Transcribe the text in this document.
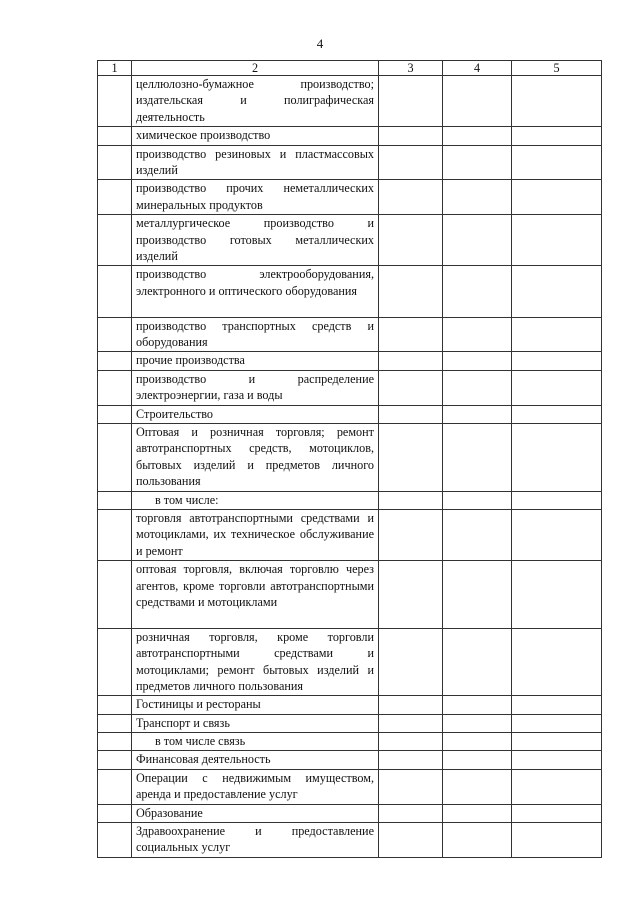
4
1	2	3	4	5
	целлюлозно-бумажное производство; издательская и полиграфическая деятельность			
	химическое производство			
	производство резиновых и пластмассовых изделий			
	производство прочих неметаллических минеральных продуктов			
	металлургическое производство и производство готовых металлических изделий			
	производство электрооборудования, электронного и оптического оборудования			
	производство транспортных средств и оборудования			
	прочие производства			
	производство и распределение электроэнергии, газа и воды			
	Строительство			
	Оптовая и розничная торговля; ремонт автотранспортных средств, мотоциклов, бытовых изделий и предметов личного пользования			
	в том числе:			
	торговля автотранспортными средствами и мотоциклами, их техническое обслуживание и ремонт			
	оптовая торговля, включая торговлю через агентов, кроме торговли автотранспортными средствами и мотоциклами			
	розничная торговля, кроме торговли автотранспортными средствами и мотоциклами; ремонт бытовых изделий и предметов личного пользования			
	Гостиницы и рестораны			
	Транспорт и связь			
	в том числе связь			
	Финансовая деятельность			
	Операции с недвижимым имуществом, аренда и предоставление услуг			
	Образование			
	Здравоохранение и предоставление социальных услуг			
